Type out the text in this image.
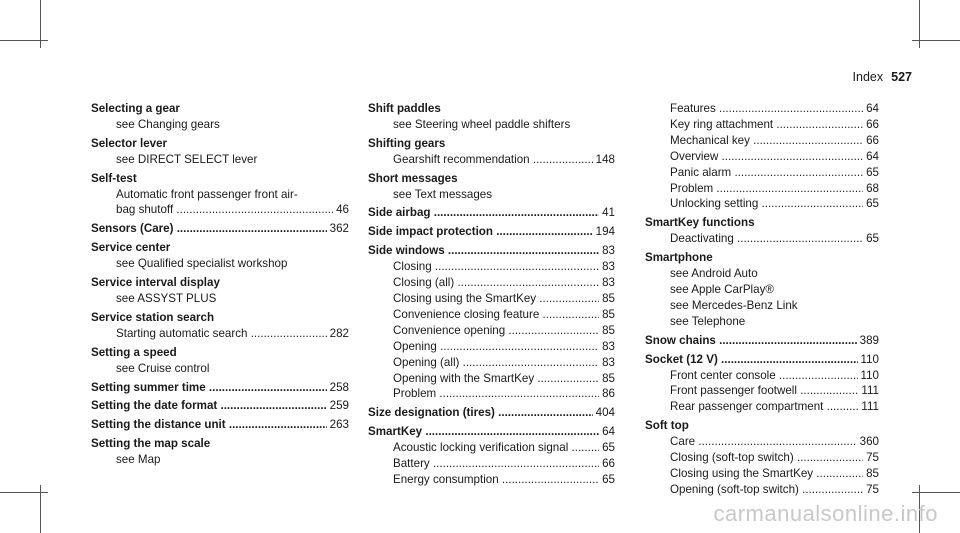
Index 527
Selecting a gear
see Changing gears
Selector lever
see DIRECT SELECT lever
Self-test
Automatic front passenger front air-
bag shutoff .....	46
Sensors (Care) .....	362
Service center
see Qualified specialist workshop
Service interval display
see ASSYST PLUS
Service station search
Starting automatic search .....	282
Setting a speed
see Cruise control
Setting summer time .....	258
Setting the date format .....	259
Setting the distance unit .....	263
Setting the map scale
see Map
Shift paddles
see Steering wheel paddle shifters
Shifting gears
Gearshift recommendation .....	148
Short messages
see Text messages
Side airbag .....	41
Side impact protection .....	194
Side windows .....	83
Closing .....	83
Closing (all) .....	83
Closing using the SmartKey .....	85
Convenience closing feature .....	85
Convenience opening .....	85
Opening .....	83
Opening (all) .....	83
Opening with the SmartKey .....	85
Problem .....	86
Size designation (tires) .....	404
SmartKey .....	64
Acoustic locking verification signal .....	65
Battery .....	66
Energy consumption .....	65
Features .....	64
Key ring attachment .....	66
Mechanical key .....	66
Overview .....	64
Panic alarm .....	65
Problem .....	68
Unlocking setting .....	65
SmartKey functions
Deactivating .....	65
Smartphone
see Android Auto
see Apple CarPlay®
see Mercedes-Benz Link
see Telephone
Snow chains .....	389
Socket (12 V) .....	110
Front center console .....	110
Front passenger footwell .....	111
Rear passenger compartment .....	111
Soft top
Care .....	360
Closing (soft-top switch) .....	75
Closing using the SmartKey .....	85
Opening (soft-top switch) .....	75
carmanualsonline.info
